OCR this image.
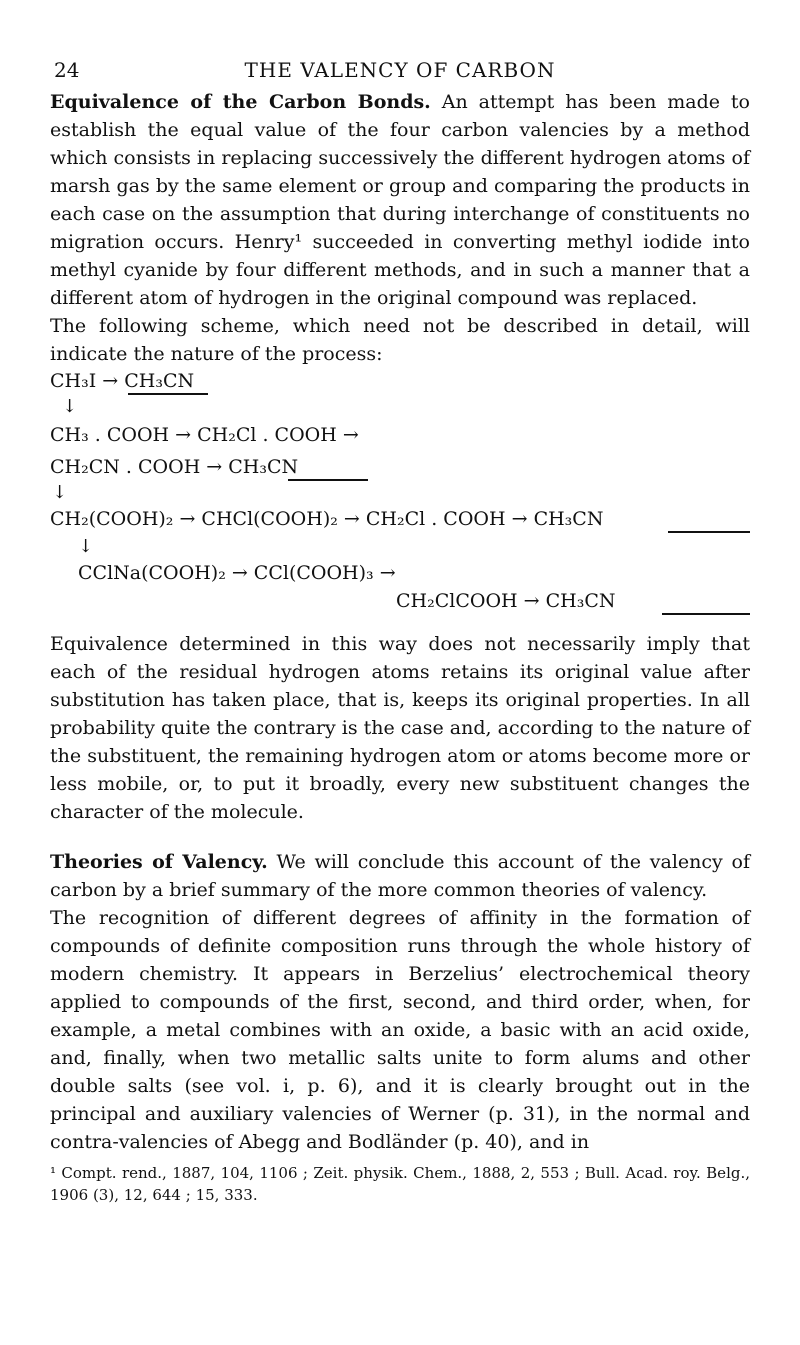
24	THE VALENCY OF CARBON

Equivalence of the Carbon Bonds. An attempt has been made to establish the equal value of the four carbon valencies by a method which consists in replacing successively the different hydrogen atoms of marsh gas by the same element or group and comparing the products in each case on the assumption that during interchange of constituents no migration occurs. Henry¹ succeeded in converting methyl iodide into methyl cyanide by four different methods, and in such a manner that a different atom of hydrogen in the original compound was replaced.

The following scheme, which need not be described in detail, will indicate the nature of the process:

CH₃I → CH₃CN
↓
CH₃ . COOH → CH₂Cl . COOH →
CH₂CN . COOH → CH₃CN
↓
CH₂(COOH)₂ → CHCl(COOH)₂ → CH₂Cl . COOH → CH₃CN
↓
CClNa(COOH)₂ → CCl(COOH)₃ →
CH₂ClCOOH → CH₃CN

Equivalence determined in this way does not necessarily imply that each of the residual hydrogen atoms retains its original value after substitution has taken place, that is, keeps its original properties. In all probability quite the contrary is the case and, according to the nature of the substituent, the remaining hydrogen atom or atoms become more or less mobile, or, to put it broadly, every new substituent changes the character of the molecule.

Theories of Valency. We will conclude this account of the valency of carbon by a brief summary of the more common theories of valency.

The recognition of different degrees of affinity in the formation of compounds of definite composition runs through the whole history of modern chemistry. It appears in Berzelius’ electrochemical theory applied to compounds of the first, second, and third order, when, for example, a metal combines with an oxide, a basic with an acid oxide, and, finally, when two metallic salts unite to form alums and other double salts (see vol. i, p. 6), and it is clearly brought out in the principal and auxiliary valencies of Werner (p. 31), in the normal and contra-valencies of Abegg and Bodländer (p. 40), and in

¹ Compt. rend., 1887, 104, 1106 ; Zeit. physik. Chem., 1888, 2, 553 ; Bull. Acad. roy. Belg., 1906 (3), 12, 644 ; 15, 333.
